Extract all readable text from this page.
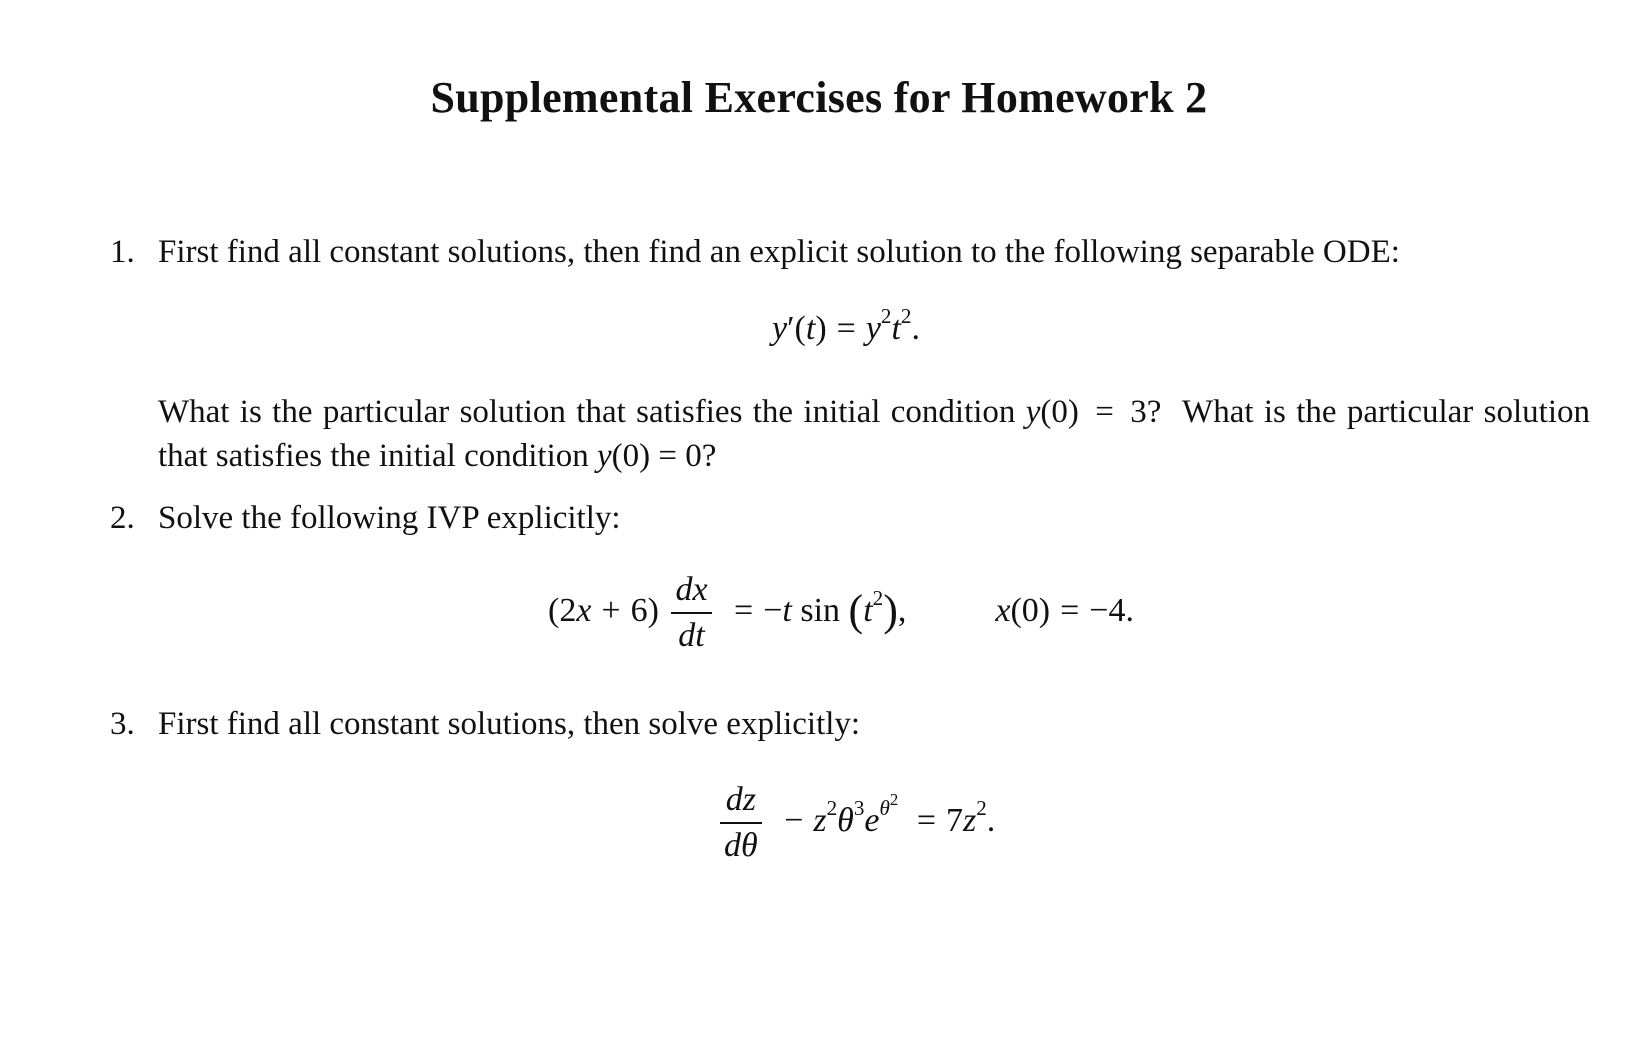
Supplemental Exercises for Homework 2
1. First find all constant solutions, then find an explicit solution to the following separable ODE:
$y'(t) = y^2t^2$.
What is the particular solution that satisfies the initial condition y(0) = 3?  What is the particular solution that satisfies the initial condition y(0) = 0?
2. Solve the following IVP explicitly:
$(2x + 6) \frac{dx}{dt} = -t$ $\sin (t^2)$,	x(0) = −4.
3. First find all constant solutions, then solve explicitly:
$\frac{dz}{d\theta} - z^2\theta^3e^{\theta^2} = 7z^2$.
